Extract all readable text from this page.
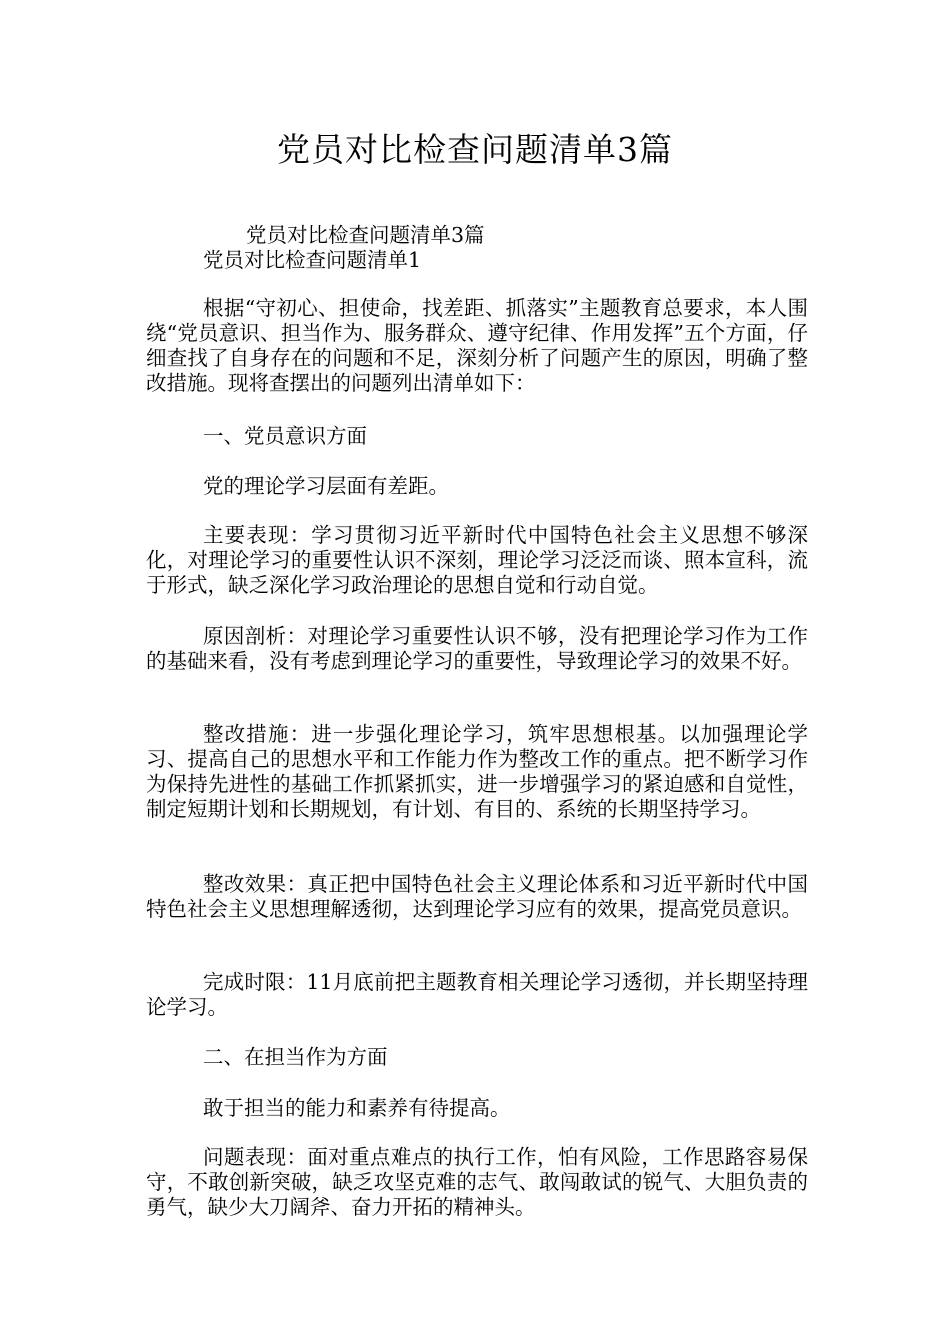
党员对比检查问题清单3篇

党员对比检查问题清单3篇

党员对比检查问题清单1

根据“守初心、担使命，找差距、抓落实”主题教育总要求，本人围绕“党员意识、担当作为、服务群众、遵守纪律、作用发挥”五个方面，仔细查找了自身存在的问题和不足，深刻分析了问题产生的原因，明确了整改措施。现将查摆出的问题列出清单如下：

一、党员意识方面

党的理论学习层面有差距。

主要表现：学习贯彻习近平新时代中国特色社会主义思想不够深化，对理论学习的重要性认识不深刻，理论学习泛泛而谈、照本宣科，流于形式，缺乏深化学习政治理论的思想自觉和行动自觉。

原因剖析：对理论学习重要性认识不够，没有把理论学习作为工作的基础来看，没有考虑到理论学习的重要性，导致理论学习的效果不好。

整改措施：进一步强化理论学习，筑牢思想根基。以加强理论学习、提高自己的思想水平和工作能力作为整改工作的重点。把不断学习作为保持先进性的基础工作抓紧抓实，进一步增强学习的紧迫感和自觉性，制定短期计划和长期规划，有计划、有目的、系统的长期坚持学习。

整改效果：真正把中国特色社会主义理论体系和习近平新时代中国特色社会主义思想理解透彻，达到理论学习应有的效果，提高党员意识。

完成时限：11月底前把主题教育相关理论学习透彻，并长期坚持理论学习。

二、在担当作为方面

敢于担当的能力和素养有待提高。

问题表现：面对重点难点的执行工作，怕有风险，工作思路容易保守，不敢创新突破，缺乏攻坚克难的志气、敢闯敢试的锐气、大胆负责的勇气，缺少大刀阔斧、奋力开拓的精神头。
